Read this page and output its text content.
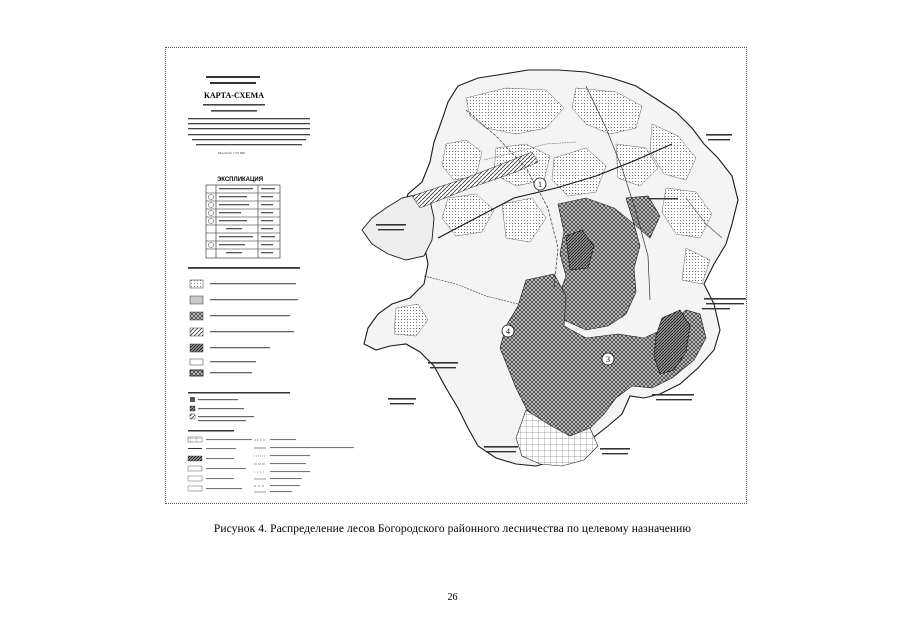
КАРТА-СХЕМА
Масштаб 1:75 000
ЭКСПЛИКАЦИЯ	1
4
3
Рисунок 4. Распределение лесов Богородского районного лесничества по целевому назначению
26
